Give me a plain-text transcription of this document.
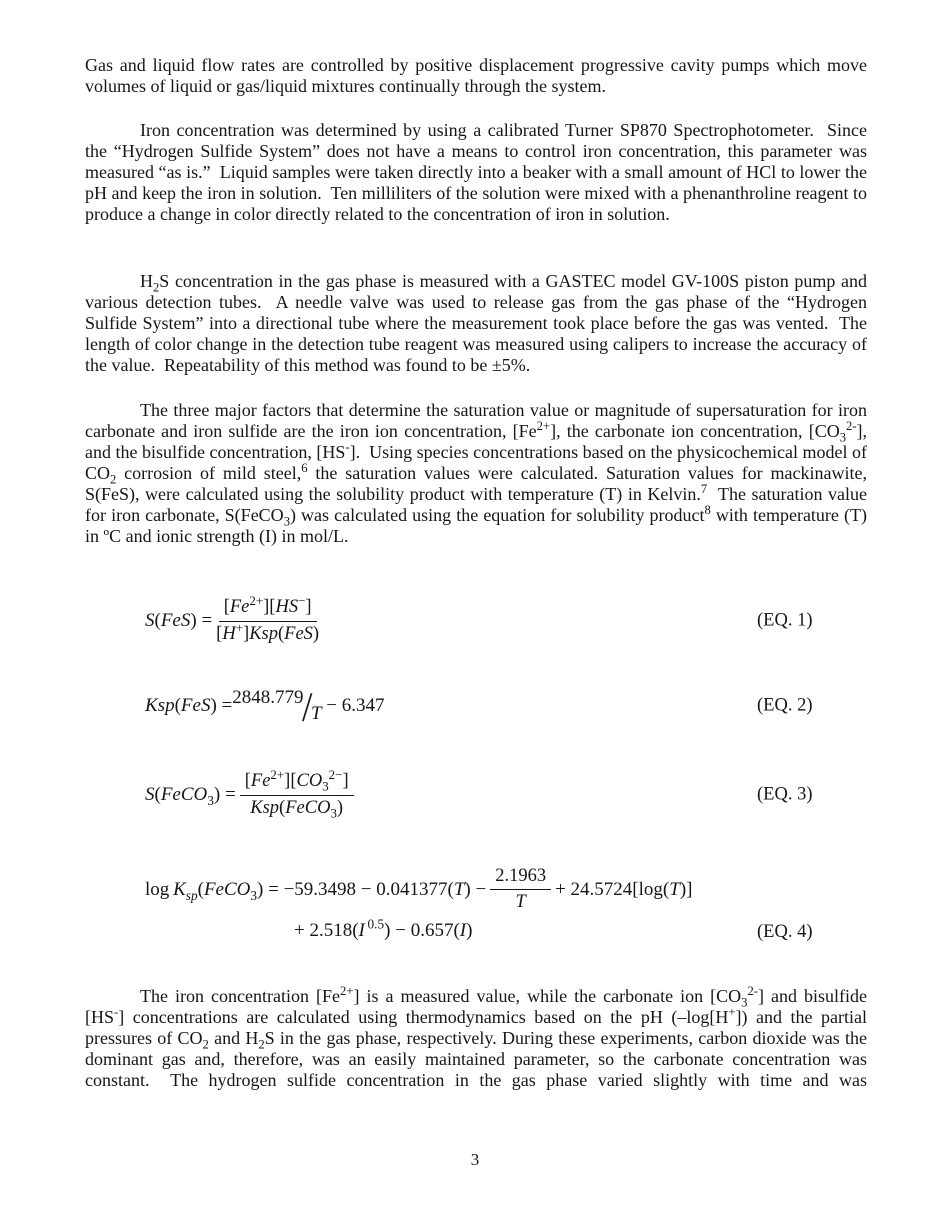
Gas and liquid flow rates are controlled by positive displacement progressive cavity pumps which move volumes of liquid or gas/liquid mixtures continually through the system.

Iron concentration was determined by using a calibrated Turner SP870 Spectrophotometer.  Since the “Hydrogen Sulfide System” does not have a means to control iron concentration, this parameter was measured “as is.”  Liquid samples were taken directly into a beaker with a small amount of HCl to lower the pH and keep the iron in solution.  Ten milliliters of the solution were mixed with a phenanthroline reagent to produce a change in color directly related to the concentration of iron in solution.

$H_2S$ concentration in the gas phase is measured with a GASTEC model GV-100S piston pump and various detection tubes.  A needle valve was used to release gas from the gas phase of the “Hydrogen Sulfide System” into a directional tube where the measurement took place before the gas was vented.  The length of color change in the detection tube reagent was measured using calipers to increase the accuracy of the value.  Repeatability of this method was found to be ±5%.

The three major factors that determine the saturation value or magnitude of supersaturation for iron carbonate and iron sulfide are the iron ion concentration, $[Fe^{2+}]$, the carbonate ion concentration, $[CO_3^{2-}]$, and the bisulfide concentration, [HS-].  Using species concentrations based on the physicochemical model of $CO_2$ corrosion of mild steel,$^6$ the saturation values were calculated. Saturation values for mackinawite, S(FeS), were calculated using the solubility product with temperature (T) in Kelvin.$^7$  The saturation value for iron carbonate, S(FeCO$_3$) was calculated using the equation for solubility product$^8$ with temperature (T) in ºC and ionic strength (I) in mol/L.

$S(FeS) = \frac{[Fe^{2+}][HS^-]}{[H^+]Ksp(FeS)}$	(EQ. 1)
Ksp(FeS) = 2848.779
∕
T − 6.347	(EQ. 2)
S(FeCO$_3$) = $\frac{[Fe^{2+}][CO_3^{2-}]}{Ksp(FeCO_3)}$	(EQ. 3)
$\log K_{sp}(FeCO_3) = -59.3498 - 0.041377(T) - \frac{2.1963}{T} + 24.5724[\log(T)]$
+ 2.518(I $^{0.5}$) − 0.657(I)	(EQ. 4)

The iron concentration $[Fe^{2+}]$ is a measured value, while the carbonate ion $[CO_3^{2-}]$ and bisulfide [HS-] concentrations are calculated using thermodynamics based on the pH (–log[H+]) and the partial pressures of $CO_2$ and $H_2S$ in the gas phase, respectively. During these experiments, carbon dioxide was the dominant gas and, therefore, was an easily maintained parameter, so the carbonate concentration was constant.  The hydrogen sulfide concentration in the gas phase varied slightly with time and was

3
